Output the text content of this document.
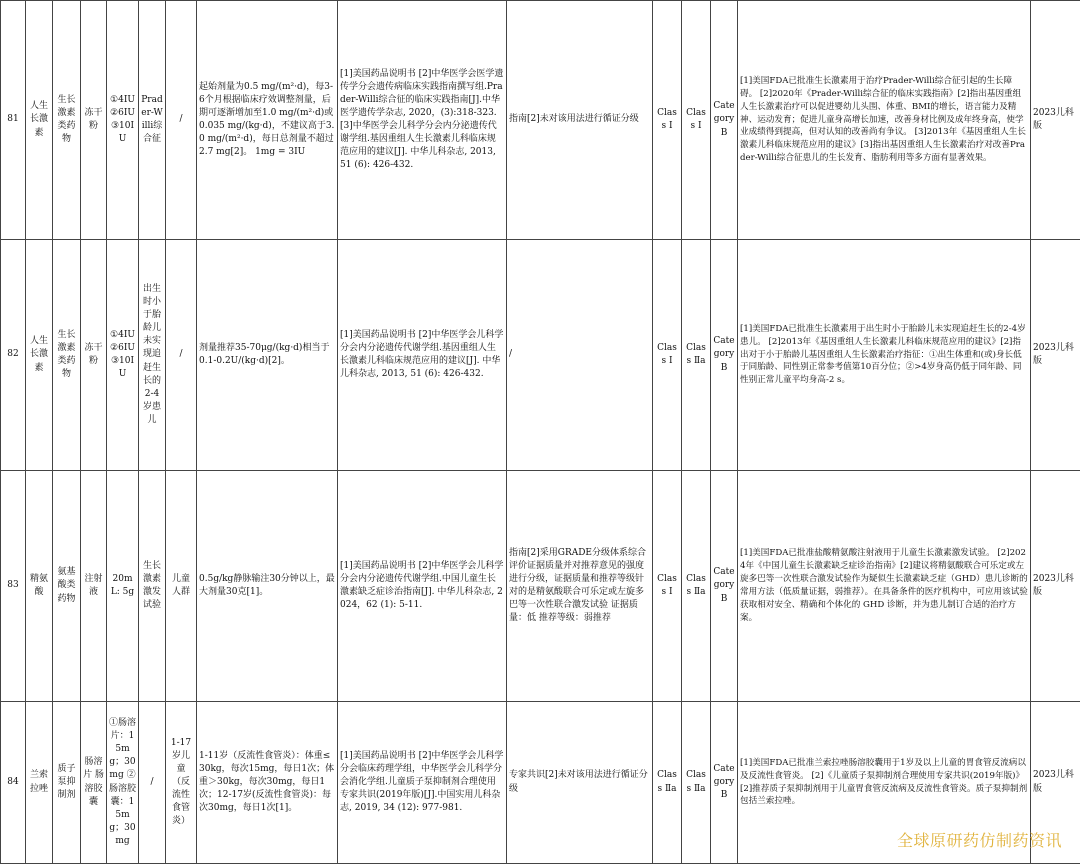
81	人生长激素	生长激素类药物	冻干粉	①4IU ②6IU ③10IU	Prader-Willi综合征	/	起始剂量为0.5 mg/(m²·d)，每3-6个月根据临床疗效调整剂量，后期可逐渐增加至1.0 mg/(m²·d)或0.035 mg/(kg·d)，不建议高于3.0 mg/(m²·d)，每日总剂量不超过2.7 mg[2]。 1mg = 3IU	[1]美国药品说明书 [2]中华医学会医学遗传学分会遗传病临床实践指南撰写组.Prader-Willi综合征的临床实践指南[J].中华医学遗传学杂志, 2020，(3):318-323. [3]中华医学会儿科学分会内分泌遗传代谢学组.基因重组人生长激素儿科临床规范应用的建议[J]. 中华儿科杂志, 2013, 51 (6): 426-432.	指南[2]未对该用法进行循证分级	Class Ⅰ	Class Ⅰ	Category B	[1]美国FDA已批准生长激素用于治疗Prader-Willi综合征引起的生长障碍。 [2]2020年《Prader-Willi综合征的临床实践指南》[2]指出基因重组人生长激素治疗可以促进婴幼儿头围、体重、BMI的增长，语言能力及精神、运动发育；促进儿童身高增长加速，改善身材比例及成年终身高，使学业成绩得到提高，但对认知的改善尚有争议。 [3]2013年《基因重组人生长激素儿科临床规范应用的建议》[3]指出基因重组人生长激素治疗对改善Prader-Willi综合征患儿的生长发育、脂肪利用等多方面有显著效果。	2023儿科版
82	人生长激素	生长激素类药物	冻干粉	①4IU ②6IU ③10IU	出生时小于胎龄儿未实现追赶生长的2-4岁患儿	/	剂量推荐35-70μg/(kg·d)相当于0.1-0.2U/(kg·d)[2]。	[1]美国药品说明书 [2]中华医学会儿科学分会内分泌遗传代谢学组.基因重组人生长激素儿科临床规范应用的建议[J]. 中华儿科杂志, 2013, 51 (6): 426-432.	/	Class Ⅰ	Class Ⅱa	Category B	[1]美国FDA已批准生长激素用于出生时小于胎龄儿未实现追赶生长的2-4岁患儿。 [2]2013年《基因重组人生长激素儿科临床规范应用的建议》[2]指出对于小于胎龄儿基因重组人生长激素治疗指征：①出生体重和(或)身长低于同胎龄、同性别正常参考值第10百分位；②>4岁身高仍低于同年龄、同性别正常儿童平均身高-2 s。	2023儿科版
83	精氨酸	氨基酸类药物	注射液	20mL: 5g	生长激素激发试验	儿童人群	0.5g/kg静脉输注30分钟以上，最大剂量30克[1]。	[1]美国药品说明书 [2]中华医学会儿科学分会内分泌遗传代谢学组.中国儿童生长激素缺乏症诊治指南[J]. 中华儿科杂志, 2024，62 (1): 5-11.	指南[2]采用GRADE分级体系综合评价证据质量并对推荐意见的强度进行分级，证据质量和推荐等级针对的是精氨酸联合可乐定或左旋多巴等一次性联合激发试验 证据质量：低 推荐等级：弱推荐	Class Ⅰ	Class Ⅱa	Category B	[1]美国FDA已批准盐酸精氨酸注射液用于儿童生长激素激发试验。 [2]2024年《中国儿童生长激素缺乏症诊治指南》[2]建议将精氨酸联合可乐定或左旋多巴等一次性联合激发试验作为疑似生长激素缺乏症（GHD）患儿诊断的常用方法（低质量证据，弱推荐）。在具备条件的医疗机构中，可应用该试验获取相对安全、精确和个体化的 GHD 诊断，并为患儿制订合适的治疗方案。	2023儿科版
84	兰索拉唑	质子泵抑制剂	肠溶片 肠溶胶囊	①肠溶片：15mg；30mg ②肠溶胶囊：15mg；30mg	/	1-17岁儿童（反流性食管炎）	1-11岁（反流性食管炎）：体重≤30kg，每次15mg，每日1次；体重＞30kg，每次30mg，每日1次；12-17岁(反流性食管炎)：每次30mg，每日1次[1]。	[1]美国药品说明书 [2]中华医学会儿科学分会临床药理学组，中华医学会儿科学分会消化学组.儿童质子泵抑制剂合理使用专家共识(2019年版)[J].中国实用儿科杂志, 2019, 34 (12): 977-981.	专家共识[2]未对该用法进行循证分级	Class Ⅱa	Class Ⅱa	Category B	[1]美国FDA已批准兰索拉唑肠溶胶囊用于1岁及以上儿童的胃食管反流病以及反流性食管炎。 [2]《儿童质子泵抑制剂合理使用专家共识(2019年版)》[2]推荐质子泵抑制剂用于儿童胃食管反流病及反流性食管炎。质子泵抑制剂包括兰索拉唑。	2023儿科版
全球原研药仿制药资讯
